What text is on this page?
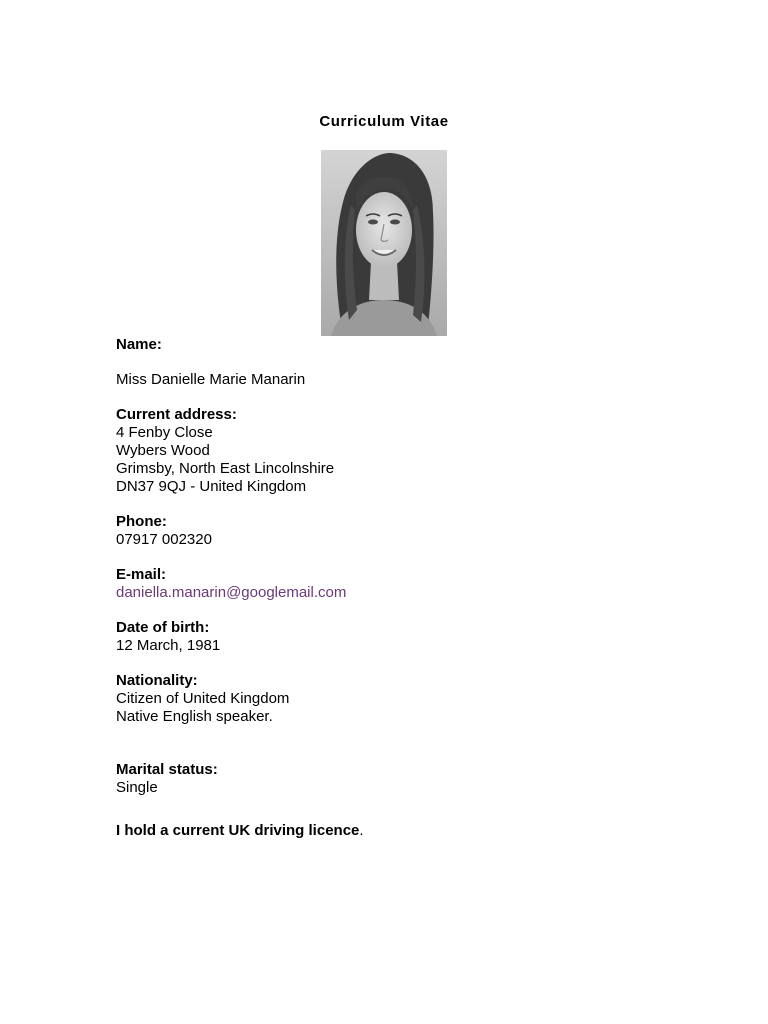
Curriculum Vitae
Name:
Miss Danielle Marie Manarin
Current address:
4 Fenby Close
Wybers Wood
Grimsby, North East Lincolnshire
DN37 9QJ - United Kingdom
Phone:
07917 002320
E-mail:
daniella.manarin@googlemail.com
Date of birth:
12 March, 1981
Nationality:
Citizen of United Kingdom
Native English speaker.
Marital status:
Single
I hold a current UK driving licence.
